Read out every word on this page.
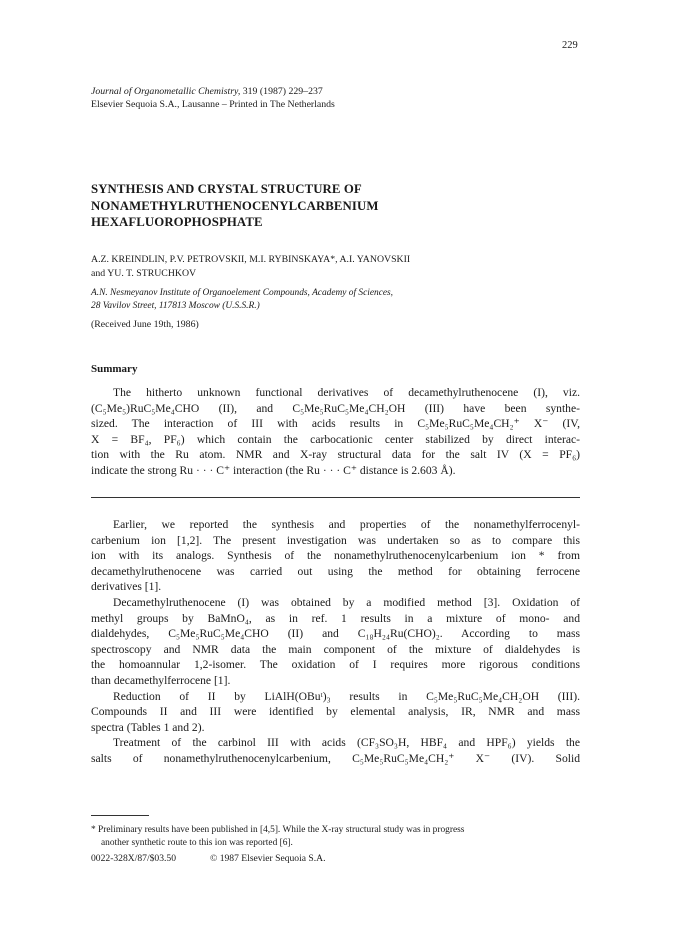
229
Journal of Organometallic Chemistry, 319 (1987) 229–237
Elsevier Sequoia S.A., Lausanne – Printed in The Netherlands
SYNTHESIS AND CRYSTAL STRUCTURE OF
NONAMETHYLRUTHENOCENYLCARBENIUM
HEXAFLUOROPHOSPHATE
A.Z. KREINDLIN, P.V. PETROVSKII, M.I. RYBINSKAYA*, A.I. YANOVSKII
and YU. T. STRUCHKOV
A.N. Nesmeyanov Institute of Organoelement Compounds, Academy of Sciences,
28 Vavilov Street, 117813 Moscow (U.S.S.R.)
(Received June 19th, 1986)
Summary
The hitherto unknown functional derivatives of decamethylruthenocene (I), viz.
(C₅Me₅)RuC₅Me₄CHO (II), and C₅Me₅RuC₅Me₄CH₂OH (III) have been synthe-
sized. The interaction of III with acids results in C₅Me₅RuC₅Me₄CH₂⁺ X⁻ (IV,
X = BF₄, PF₆) which contain the carbocationic center stabilized by direct interac-
tion with the Ru atom. NMR and X-ray structural data for the salt IV (X = PF₆)
indicate the strong Ru · · · C⁺ interaction (the Ru · · · C⁺ distance is 2.603 Å).
Earlier, we reported the synthesis and properties of the nonamethylferrocenyl-
carbenium ion [1,2]. The present investigation was undertaken so as to compare this
ion with its analogs. Synthesis of the nonamethylruthenocenylcarbenium ion * from
decamethylruthenocene was carried out using the method for obtaining ferrocene
derivatives [1].
Decamethylruthenocene (I) was obtained by a modified method [3]. Oxidation of
methyl groups by BaMnO₄, as in ref. 1 results in a mixture of mono- and
dialdehydes, C₅Me₅RuC₅Me₄CHO (II) and C₁₈H₂₄Ru(CHO)₂. According to mass
spectroscopy and NMR data the main component of the mixture of dialdehydes is
the homoannular 1,2-isomer. The oxidation of I requires more rigorous conditions
than decamethylferrocene [1].
Reduction of II by LiAlH(OBuᵗ)₃ results in C₅Me₅RuC₅Me₄CH₂OH (III).
Compounds II and III were identified by elemental analysis, IR, NMR and mass
spectra (Tables 1 and 2).
Treatment of the carbinol III with acids (CF₃SO₃H, HBF₄ and HPF₆) yields the
salts of nonamethylruthenocenylcarbenium, C₅Me₅RuC₅Me₄CH₂⁺ X⁻ (IV). Solid
* Preliminary results have been published in [4,5]. While the X-ray structural study was in progress
another synthetic route to this ion was reported [6].
0022-328X/87/$03.50	© 1987 Elsevier Sequoia S.A.
